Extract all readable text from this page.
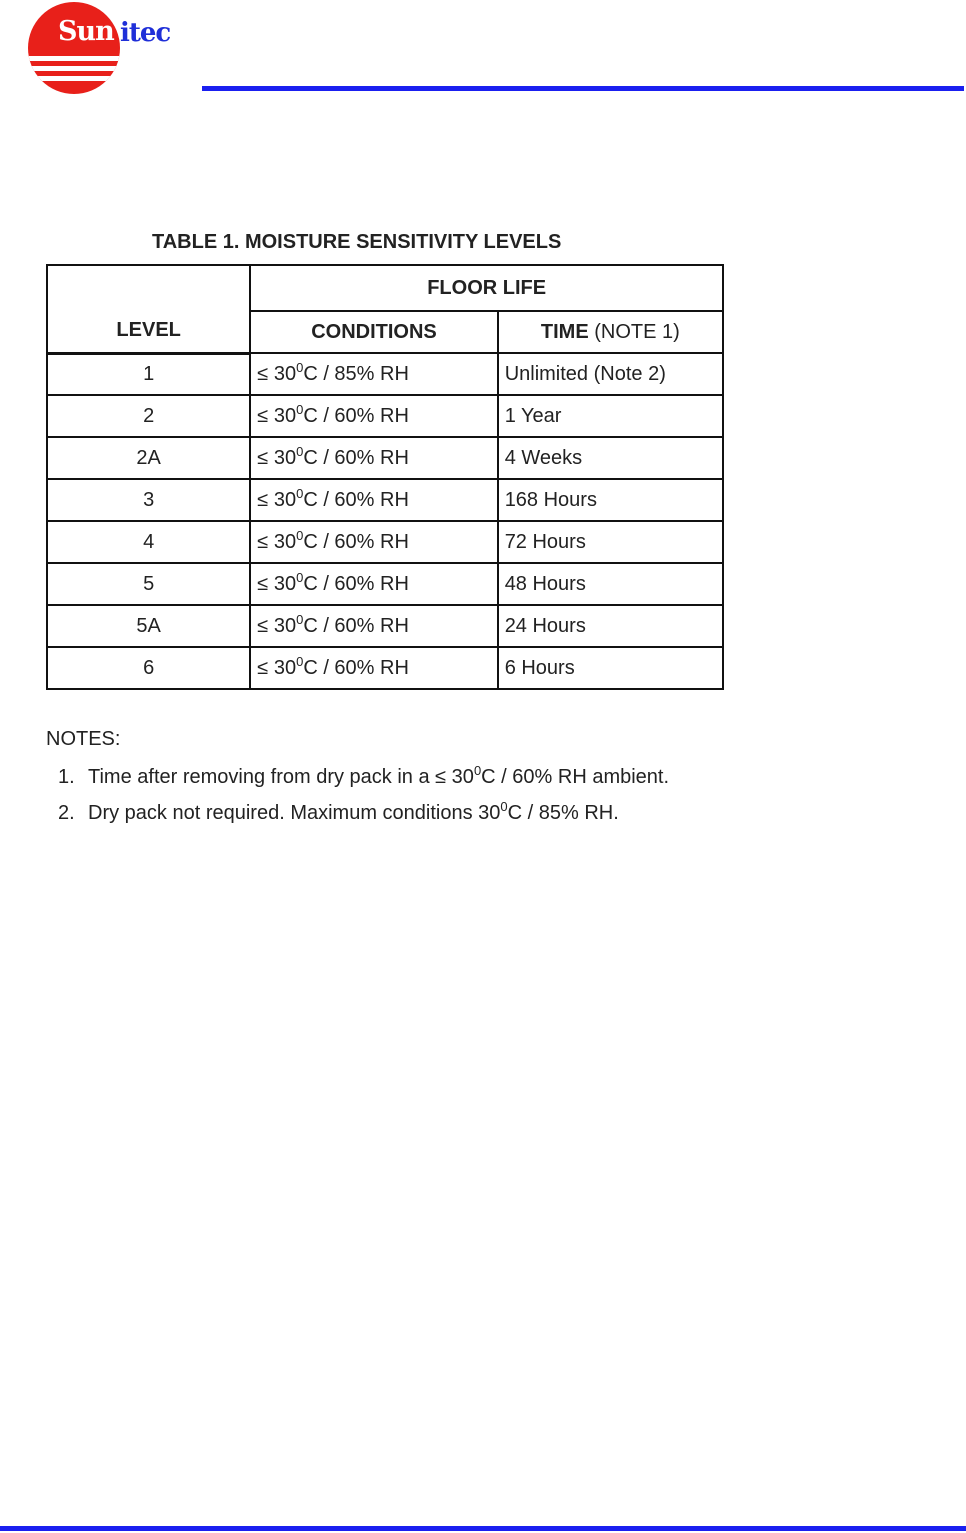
Sun itec
TABLE 1. MOISTURE SENSITIVITY LEVELS
LEVEL	FLOOR LIFE	
	CONDITIONS	TIME (NOTE 1)
1	≤ $30^0C / 85\%$ RH	Unlimited (Note 2)
2	≤ $30^0C / 60\%$ RH	1 Year
2A	≤ $30^0C / 60\%$ RH	4 Weeks
3	≤ $30^0C / 60\%$ RH	168 Hours
4	≤ $30^0C / 60\%$ RH	72 Hours
5	≤ $30^0C / 60\%$ RH	48 Hours
5A	≤ $30^0C / 60\%$ RH	24 Hours
6	≤ $30^0C / 60\%$ RH	6 Hours
NOTES:
1. Time after removing from dry pack in $a \le 30^0C / 60\%$ RH ambient.
2. Dry pack not required. Maximum conditions $30^0C / 85\%$ RH.
